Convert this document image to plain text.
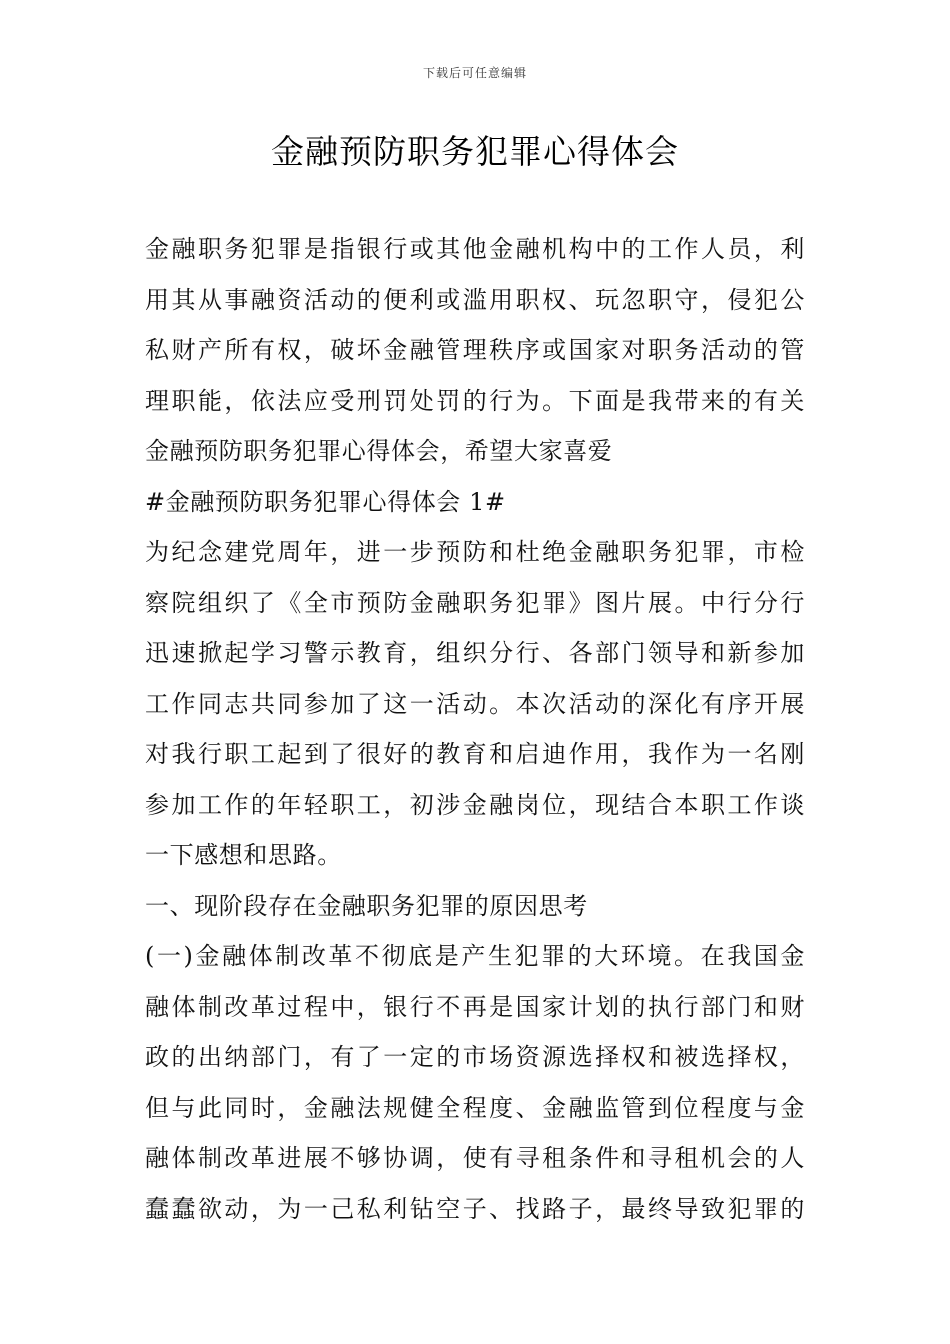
下载后可任意编辑
金融预防职务犯罪心得体会
金融职务犯罪是指银行或其他金融机构中的工作人员，利
用其从事融资活动的便利或滥用职权、玩忽职守，侵犯公
私财产所有权，破坏金融管理秩序或国家对职务活动的管
理职能，依法应受刑罚处罚的行为。下面是我带来的有关
金融预防职务犯罪心得体会，希望大家喜爱
#金融预防职务犯罪心得体会 1#
为纪念建党周年，进一步预防和杜绝金融职务犯罪，市检
察院组织了《全市预防金融职务犯罪》图片展。中行分行
迅速掀起学习警示教育，组织分行、各部门领导和新参加
工作同志共同参加了这一活动。本次活动的深化有序开展
对我行职工起到了很好的教育和启迪作用，我作为一名刚
参加工作的年轻职工，初涉金融岗位，现结合本职工作谈
一下感想和思路。
一、现阶段存在金融职务犯罪的原因思考
(一)金融体制改革不彻底是产生犯罪的大环境。在我国金
融体制改革过程中，银行不再是国家计划的执行部门和财
政的出纳部门，有了一定的市场资源选择权和被选择权，
但与此同时，金融法规健全程度、金融监管到位程度与金
融体制改革进展不够协调，使有寻租条件和寻租机会的人
蠢蠢欲动，为一己私利钻空子、找路子，最终导致犯罪的
